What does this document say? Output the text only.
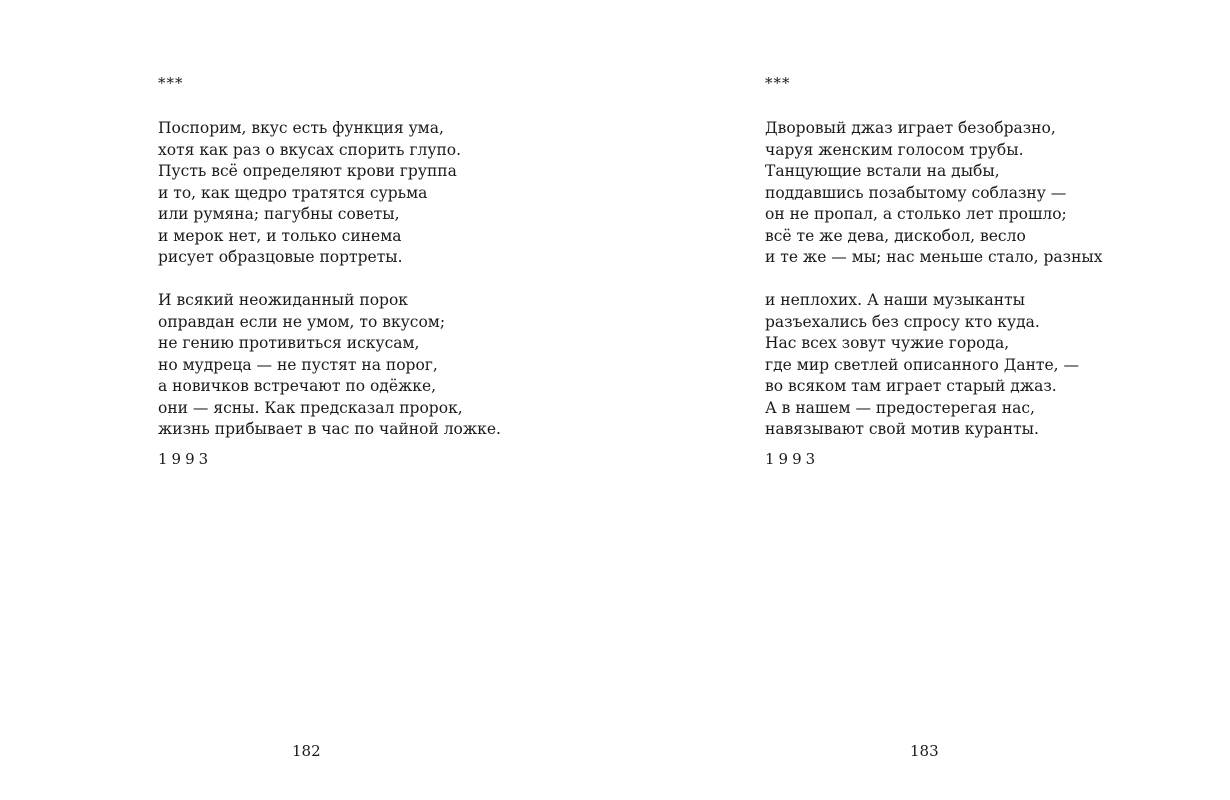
***

Поспорим, вкус есть функция ума,
хотя как раз о вкусах спорить глупо.
Пусть всё определяют крови группа
и то, как щедро тратятся сурьма
или румяна; пагубны советы,
и мерок нет, и только синема
рисует образцовые портреты.

И всякий неожиданный порок
оправдан если не умом, то вкусом;
не гению противиться искусам,
но мудреца — не пустят на порог,
а новичков встречают по одёжке,
они — ясны. Как предсказал пророк,
жизнь прибывает в час по чайной ложке.

1993
182
***

Дворовый джаз играет безобразно,
чаруя женским голосом трубы.
Танцующие встали на дыбы,
поддавшись позабытому соблазну —
он не пропал, а столько лет прошло;
всё те же дева, дискобол, весло
и те же — мы; нас меньше стало, разных

и неплохих. А наши музыканты
разъехались без спросу кто куда.
Нас всех зовут чужие города,
где мир светлей описанного Данте, —
во всяком там играет старый джаз.
А в нашем — предостерегая нас,
навязывают свой мотив куранты.

1993
183
